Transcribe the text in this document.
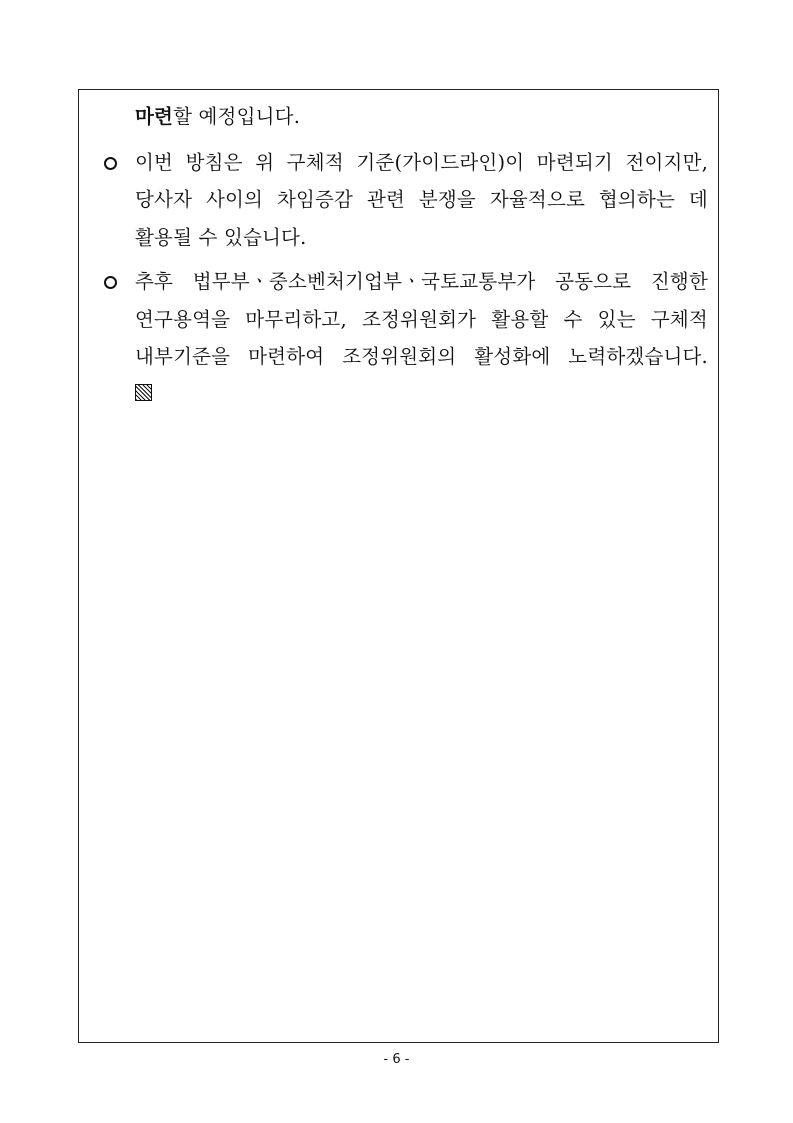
마련할 예정입니다.
이번 방침은 위 구체적 기준(가이드라인)이 마련되기 전이지만,
당사자 사이의 차임증감 관련 분쟁을 자율적으로 협의하는 데
활용될 수 있습니다.
추후 법무부ㆍ중소벤처기업부ㆍ국토교통부가 공동으로 진행한
연구용역을 마무리하고, 조정위원회가 활용할 수 있는 구체적
내부기준을 마련하여 조정위원회의 활성화에 노력하겠습니다.
- 6 -
